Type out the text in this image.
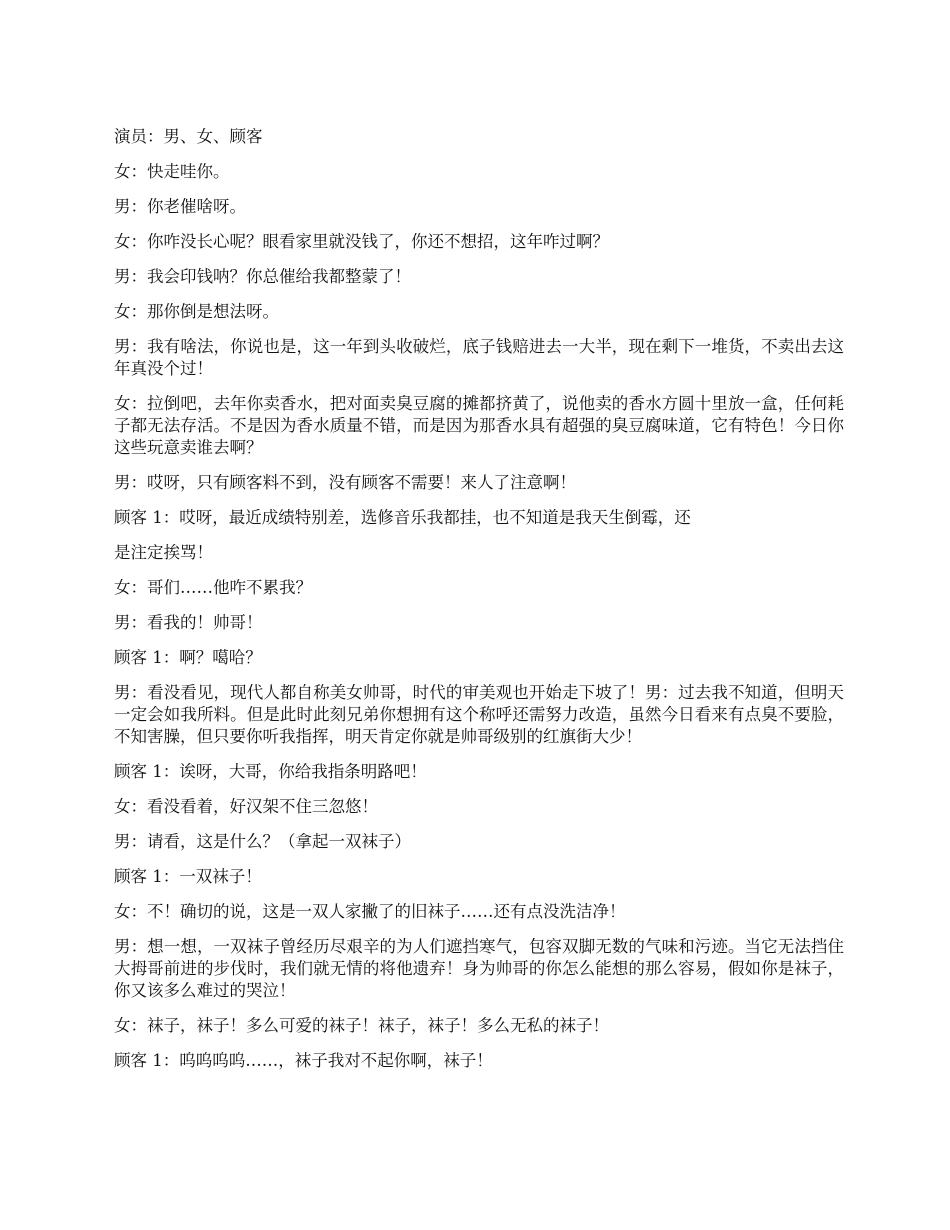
演员：男、女、顾客

女：快走哇你。

男：你老催啥呀。

女：你咋没长心呢？眼看家里就没钱了，你还不想招，这年咋过啊？

男：我会印钱呐？你总催给我都整蒙了！

女：那你倒是想法呀。

男：我有啥法，你说也是，这一年到头收破烂，底子钱赔进去一大半，现在剩下一堆货，不卖出去这年真没个过！

女：拉倒吧，去年你卖香水，把对面卖臭豆腐的摊都挤黄了，说他卖的香水方圆十里放一盒，任何耗子都无法存活。不是因为香水质量不错，而是因为那香水具有超强的臭豆腐味道，它有特色！今日你这些玩意卖谁去啊？

男：哎呀，只有顾客料不到，没有顾客不需要！来人了注意啊！

顾客 1：哎呀，最近成绩特别差，选修音乐我都挂，也不知道是我天生倒霉，还

是注定挨骂！

女：哥们……他咋不累我？

男：看我的！帅哥！

顾客 1：啊？噶哈？

男：看没看见，现代人都自称美女帅哥，时代的审美观也开始走下坡了！男：过去我不知道，但明天一定会如我所料。但是此时此刻兄弟你想拥有这个称呼还需努力改造，虽然今日看来有点臭不要脸，不知害臊，但只要你听我指挥，明天肯定你就是帅哥级别的红旗街大少！

顾客 1：诶呀，大哥，你给我指条明路吧！

女：看没看着，好汉架不住三忽悠！

男：请看，这是什么？（拿起一双袜子）

顾客 1：一双袜子！

女：不！确切的说，这是一双人家撇了的旧袜子……还有点没洗洁净！

男：想一想，一双袜子曾经历尽艰辛的为人们遮挡寒气，包容双脚无数的气味和污迹。当它无法挡住大拇哥前进的步伐时，我们就无情的将他遗弃！身为帅哥的你怎么能想的那么容易，假如你是袜子，你又该多么难过的哭泣！

女：袜子，袜子！多么可爱的袜子！袜子，袜子！多么无私的袜子！

顾客 1：呜呜呜呜……，袜子我对不起你啊，袜子！
